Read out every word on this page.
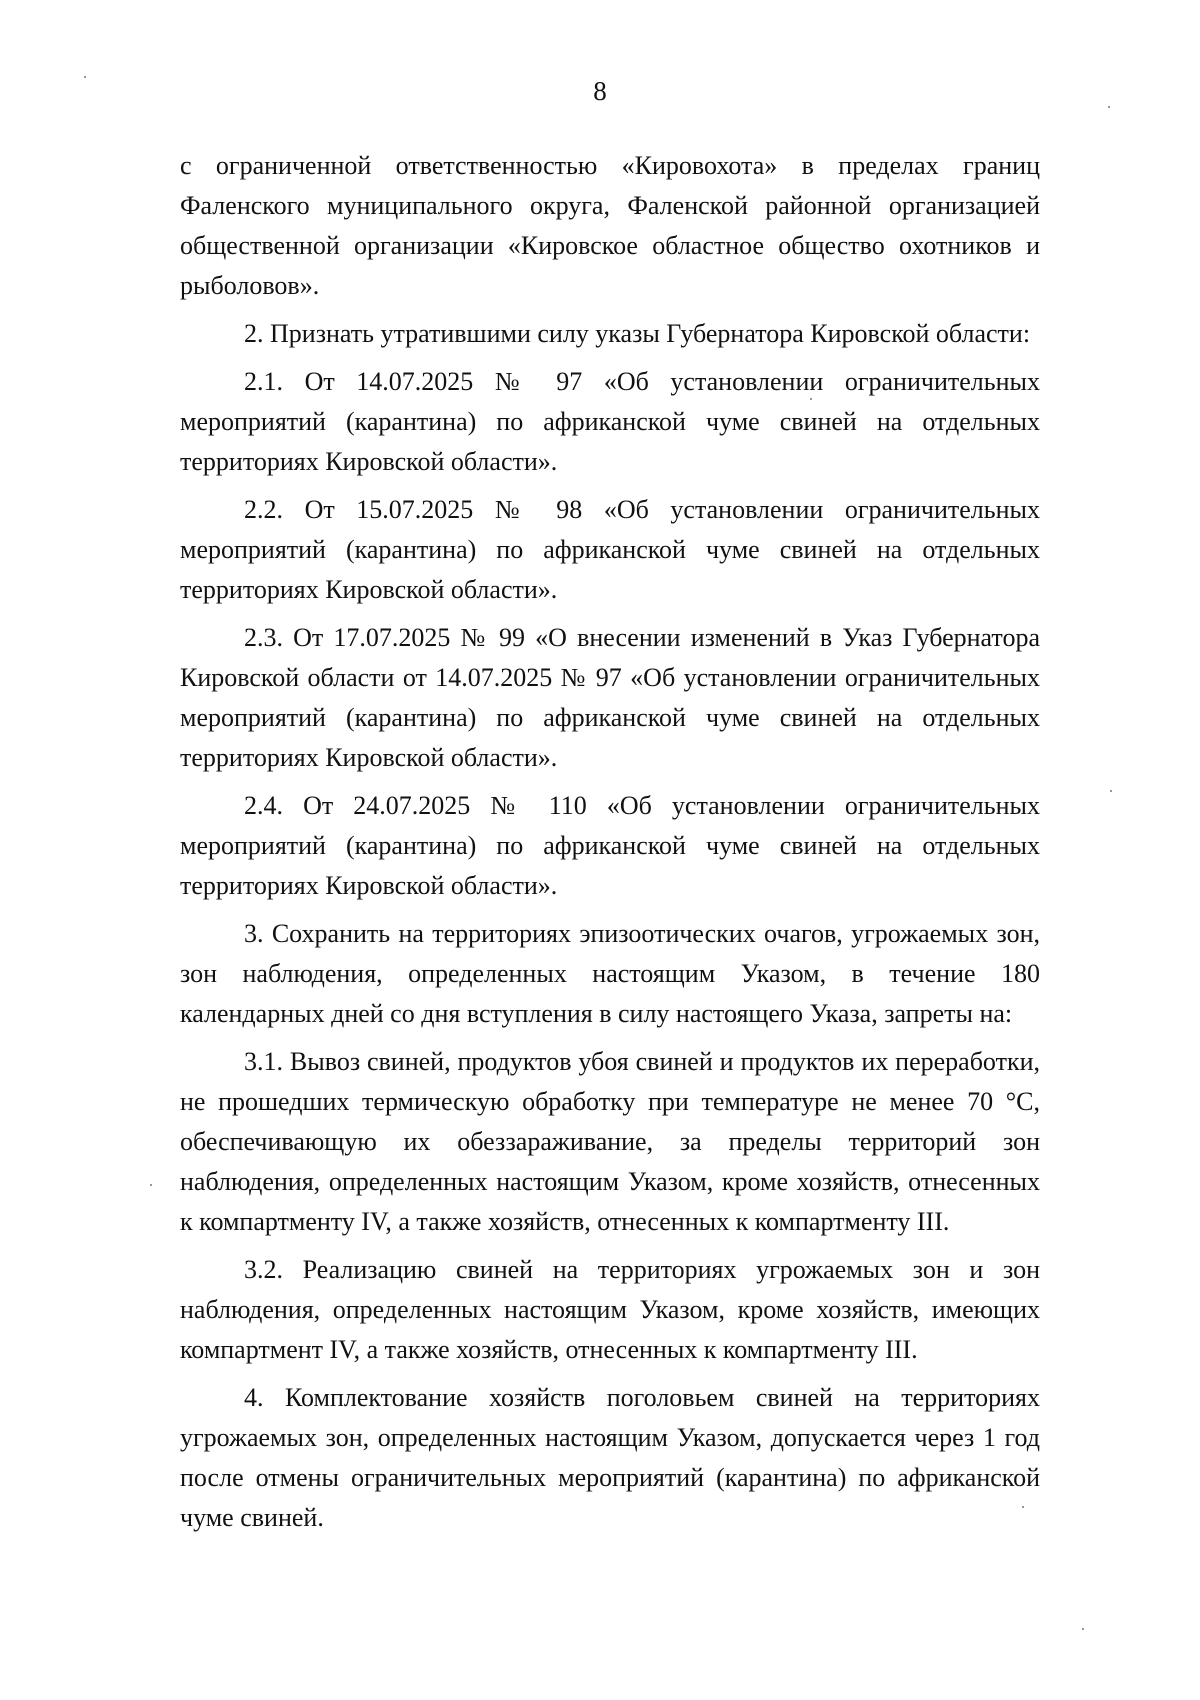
8

с ограниченной ответственностью «Кировохота» в пределах границ Фаленского муниципального округа, Фаленской районной организацией общественной организации «Кировское областное общество охотников и рыболовов».

2. Признать утратившими силу указы Губернатора Кировской области:

2.1. От 14.07.2025 № 97 «Об установлении ограничительных мероприятий (карантина) по африканской чуме свиней на отдельных территориях Кировской области».

2.2. От 15.07.2025 № 98 «Об установлении ограничительных мероприятий (карантина) по африканской чуме свиней на отдельных территориях Кировской области».

2.3. От 17.07.2025 № 99 «О внесении изменений в Указ Губернатора Кировской области от 14.07.2025 № 97 «Об установлении ограничительных мероприятий (карантина) по африканской чуме свиней на отдельных территориях Кировской области».

2.4. От 24.07.2025 № 110 «Об установлении ограничительных мероприятий (карантина) по африканской чуме свиней на отдельных территориях Кировской области».

3. Сохранить на территориях эпизоотических очагов, угрожаемых зон, зон наблюдения, определенных настоящим Указом, в течение 180 календарных дней со дня вступления в силу настоящего Указа, запреты на:

3.1. Вывоз свиней, продуктов убоя свиней и продуктов их переработки, не прошедших термическую обработку при температуре не менее 70 °С, обеспечивающую их обеззараживание, за пределы территорий зон наблюдения, определенных настоящим Указом, кроме хозяйств, отнесенных к компартменту IV, а также хозяйств, отнесенных к компартменту III.

3.2. Реализацию свиней на территориях угрожаемых зон и зон наблюдения, определенных настоящим Указом, кроме хозяйств, имеющих компартмент IV, а также хозяйств, отнесенных к компартменту III.

4. Комплектование хозяйств поголовьем свиней на территориях угрожаемых зон, определенных настоящим Указом, допускается через 1 год после отмены ограничительных мероприятий (карантина) по африканской чуме свиней.
